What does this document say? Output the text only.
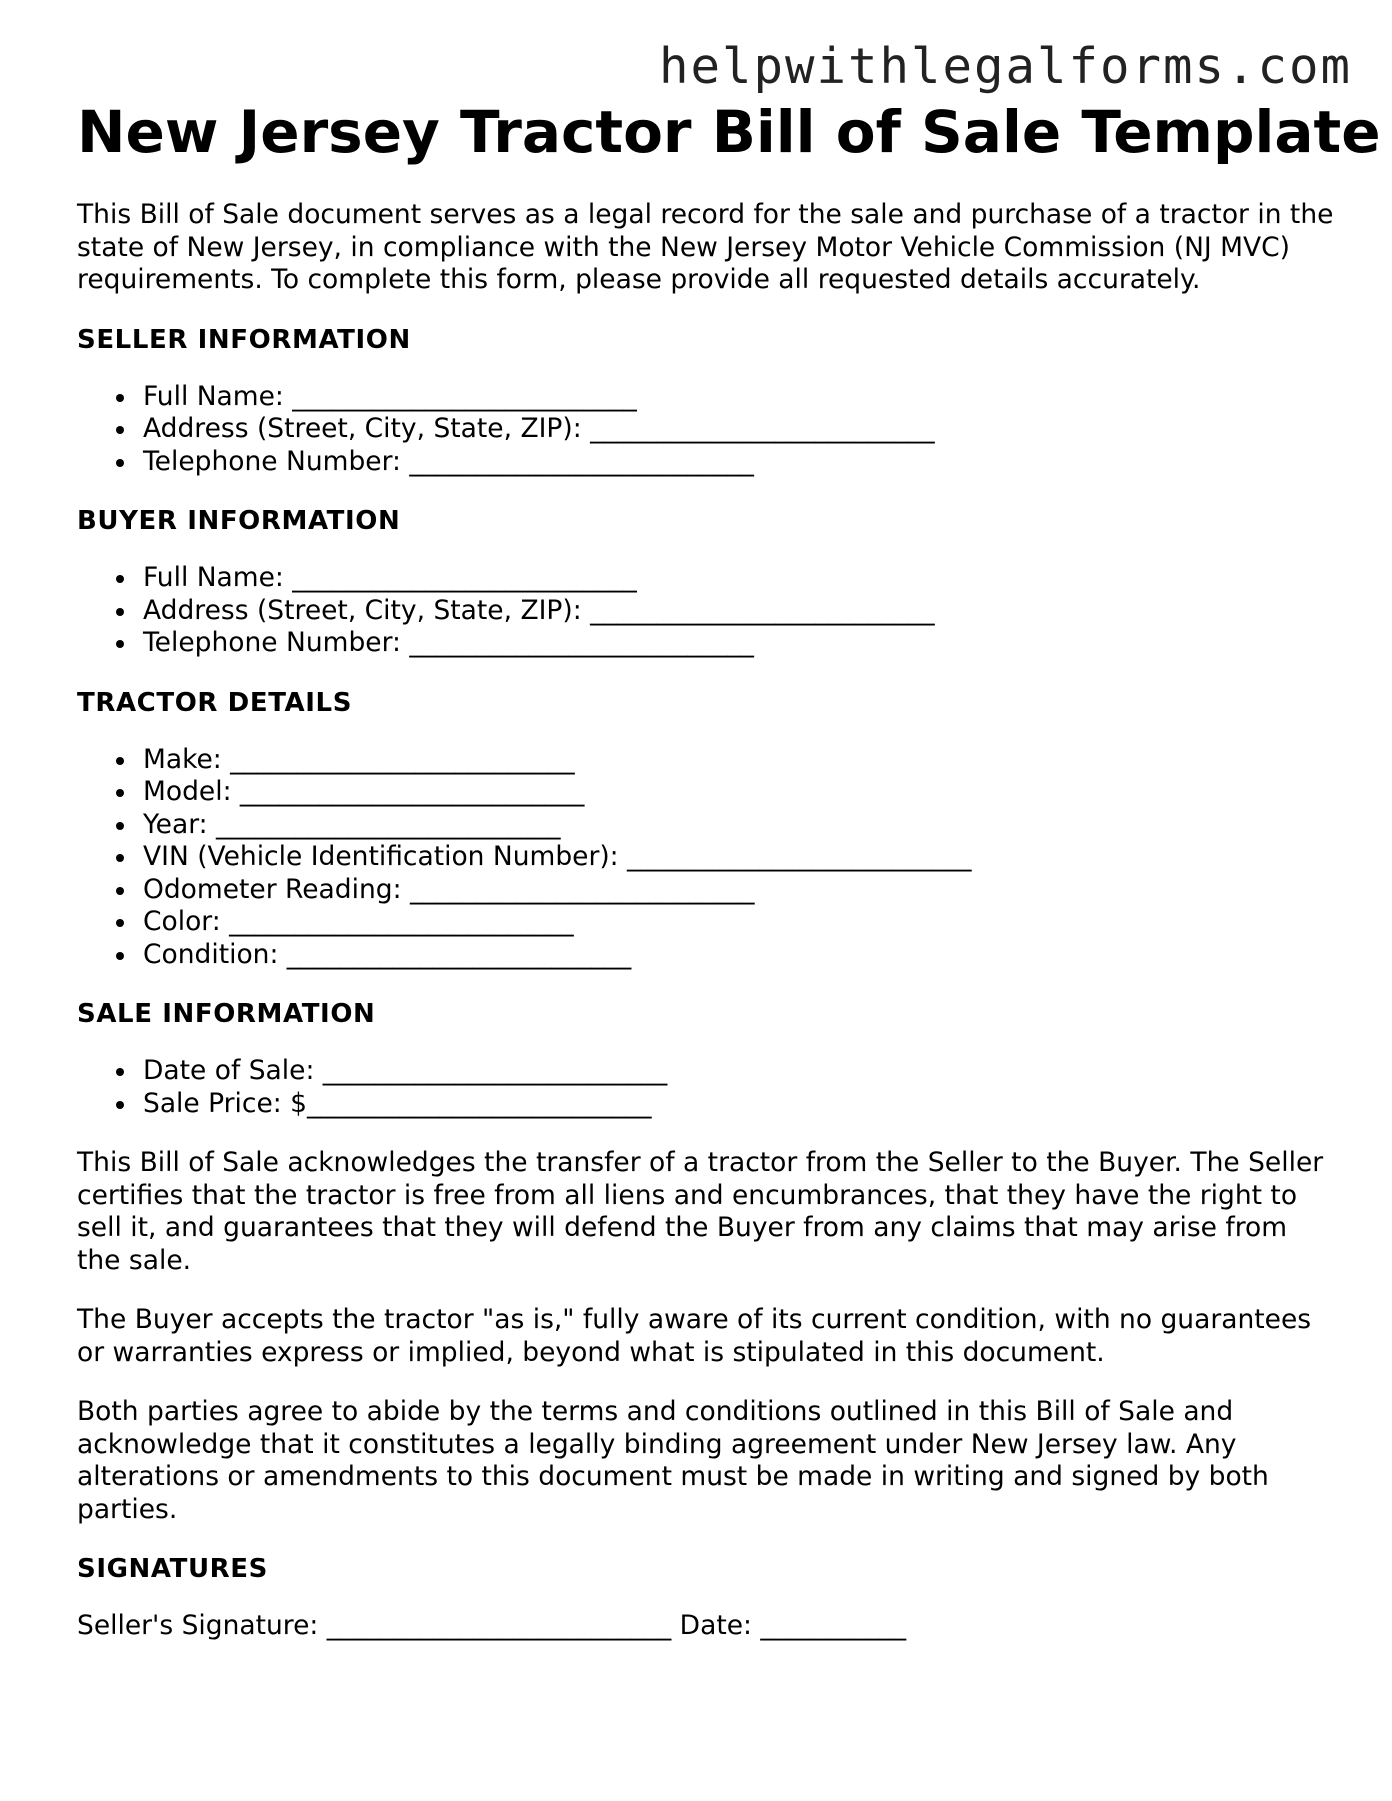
helpwithlegalforms.com
New Jersey Tractor Bill of Sale Template

This Bill of Sale document serves as a legal record for the sale and purchase of a tractor in the state of New Jersey, in compliance with the New Jersey Motor Vehicle Commission (NJ MVC) requirements. To complete this form, please provide all requested details accurately.

SELLER INFORMATION
Full Name: __________________________
Address (Street, City, State, ZIP): __________________________
Telephone Number: __________________________
BUYER INFORMATION
Full Name: __________________________
Address (Street, City, State, ZIP): __________________________
Telephone Number: __________________________
TRACTOR DETAILS
Make: __________________________
Model: __________________________
Year: __________________________
VIN (Vehicle Identification Number): __________________________
Odometer Reading: __________________________
Color: __________________________
Condition: __________________________
SALE INFORMATION
Date of Sale: __________________________
Sale Price: $__________________________

This Bill of Sale acknowledges the transfer of a tractor from the Seller to the Buyer. The Seller certifies that the tractor is free from all liens and encumbrances, that they have the right to sell it, and guarantees that they will defend the Buyer from any claims that may arise from the sale.

The Buyer accepts the tractor "as is," fully aware of its current condition, with no guarantees or warranties express or implied, beyond what is stipulated in this document.

Both parties agree to abide by the terms and conditions outlined in this Bill of Sale and acknowledge that it constitutes a legally binding agreement under New Jersey law. Any alterations or amendments to this document must be made in writing and signed by both parties.

SIGNATURES

Seller's Signature: __________________________ Date: ___________
